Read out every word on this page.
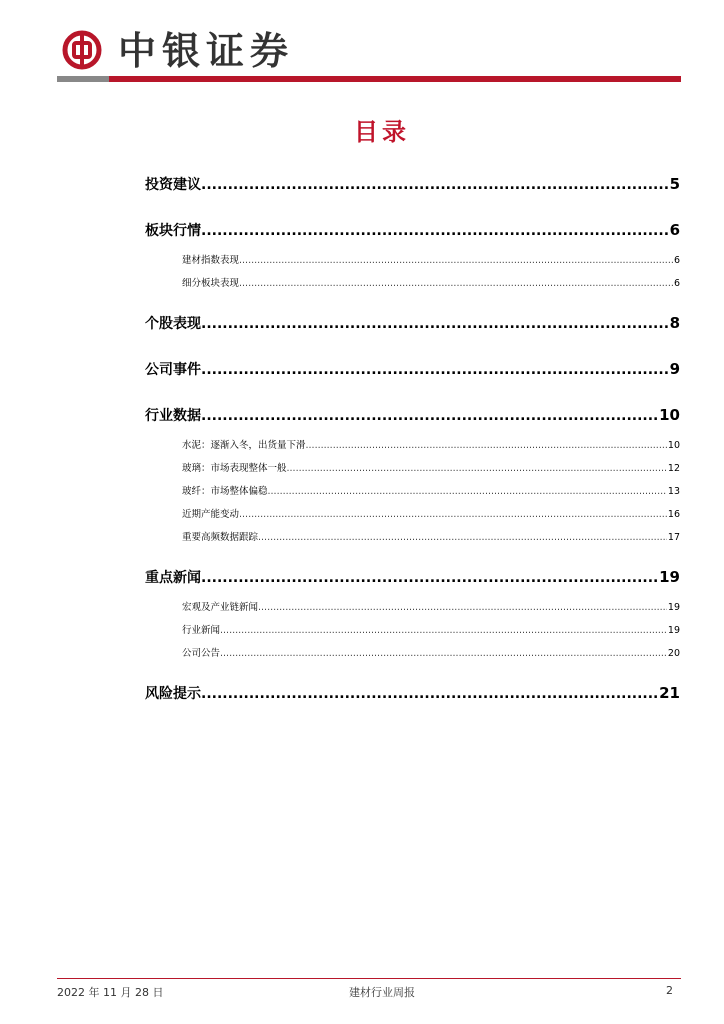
中银证券
目录
投资建议 .....	5
板块行情 .....	6
建材指数表现 .....	6
细分板块表现 .....	6
个股表现 .....	8
公司事件 .....	9
行业数据 .....	10
水泥：逐渐入冬，出货量下滑 .....	10
玻璃：市场表现整体一般 .....	12
玻纤：市场整体偏稳 .....	13
近期产能变动 .....	16
重要高频数据跟踪 .....	17
重点新闻 .....	19
宏观及产业链新闻 .....	19
行业新闻 .....	19
公司公告 .....	20
风险提示 .....	21
2022 年 11 月 28 日	建材行业周报	2
